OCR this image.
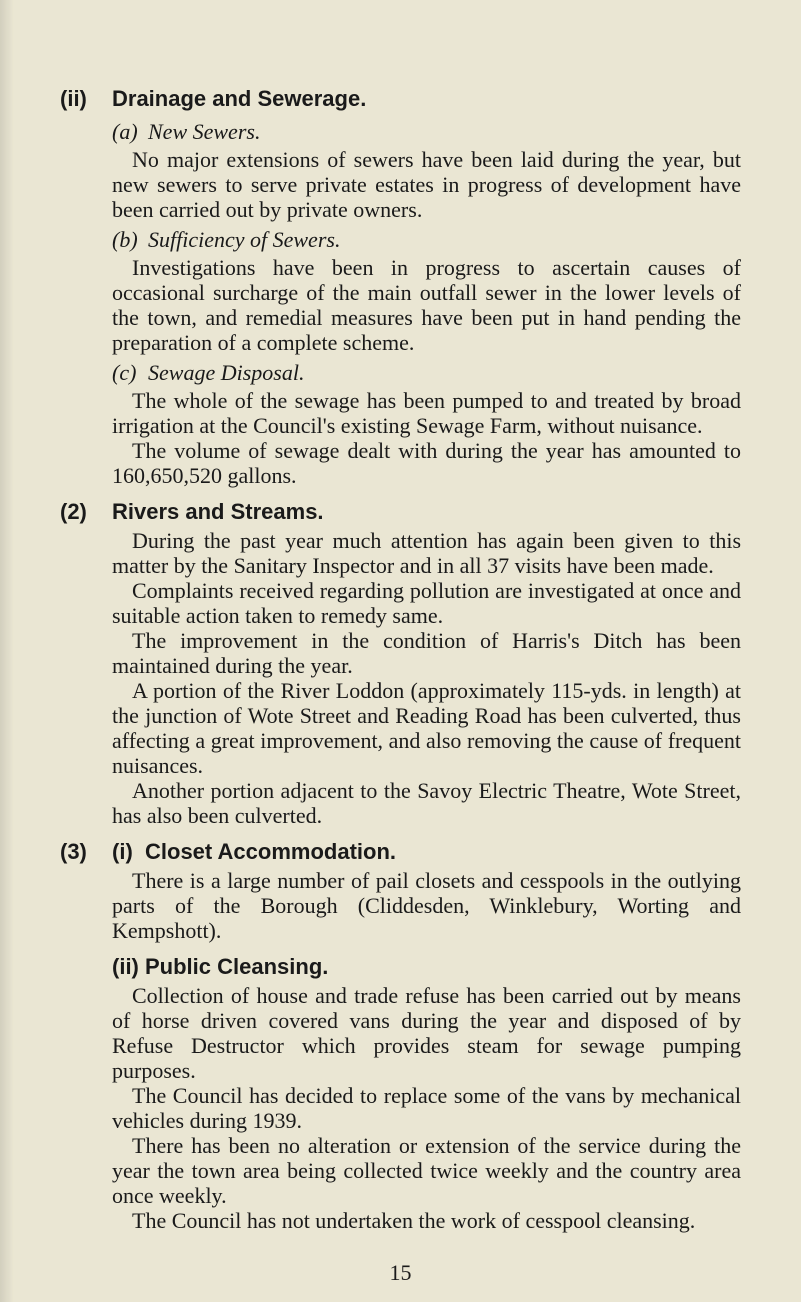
(ii) Drainage and Sewerage.
(a) New Sewers.

No major extensions of sewers have been laid during the year, but new sewers to serve private estates in progress of development have been carried out by private owners.

(b) Sufficiency of Sewers.

Investigations have been in progress to ascertain causes of occasional surcharge of the main outfall sewer in the lower levels of the town, and remedial measures have been put in hand pending the preparation of a complete scheme.

(c) Sewage Disposal.

The whole of the sewage has been pumped to and treated by broad irrigation at the Council's existing Sewage Farm, without nuisance.

The volume of sewage dealt with during the year has amounted to 160,650,520 gallons.

(2) Rivers and Streams.

During the past year much attention has again been given to this matter by the Sanitary Inspector and in all 37 visits have been made.

Complaints received regarding pollution are investigated at once and suitable action taken to remedy same.

The improvement in the condition of Harris's Ditch has been maintained during the year.

A portion of the River Loddon (approximately 115-yds. in length) at the junction of Wote Street and Reading Road has been culverted, thus affecting a great improvement, and also removing the cause of frequent nuisances.

Another portion adjacent to the Savoy Electric Theatre, Wote Street, has also been culverted.

(3) (i) Closet Accommodation.

There is a large number of pail closets and cesspools in the outlying parts of the Borough (Cliddesden, Winklebury, Worting and Kempshott).

(ii) Public Cleansing.

Collection of house and trade refuse has been carried out by means of horse driven covered vans during the year and disposed of by Refuse Destructor which provides steam for sewage pumping purposes.

The Council has decided to replace some of the vans by mechanical vehicles during 1939.

There has been no alteration or extension of the service during the year the town area being collected twice weekly and the country area once weekly.

The Council has not undertaken the work of cesspool cleansing.

15
